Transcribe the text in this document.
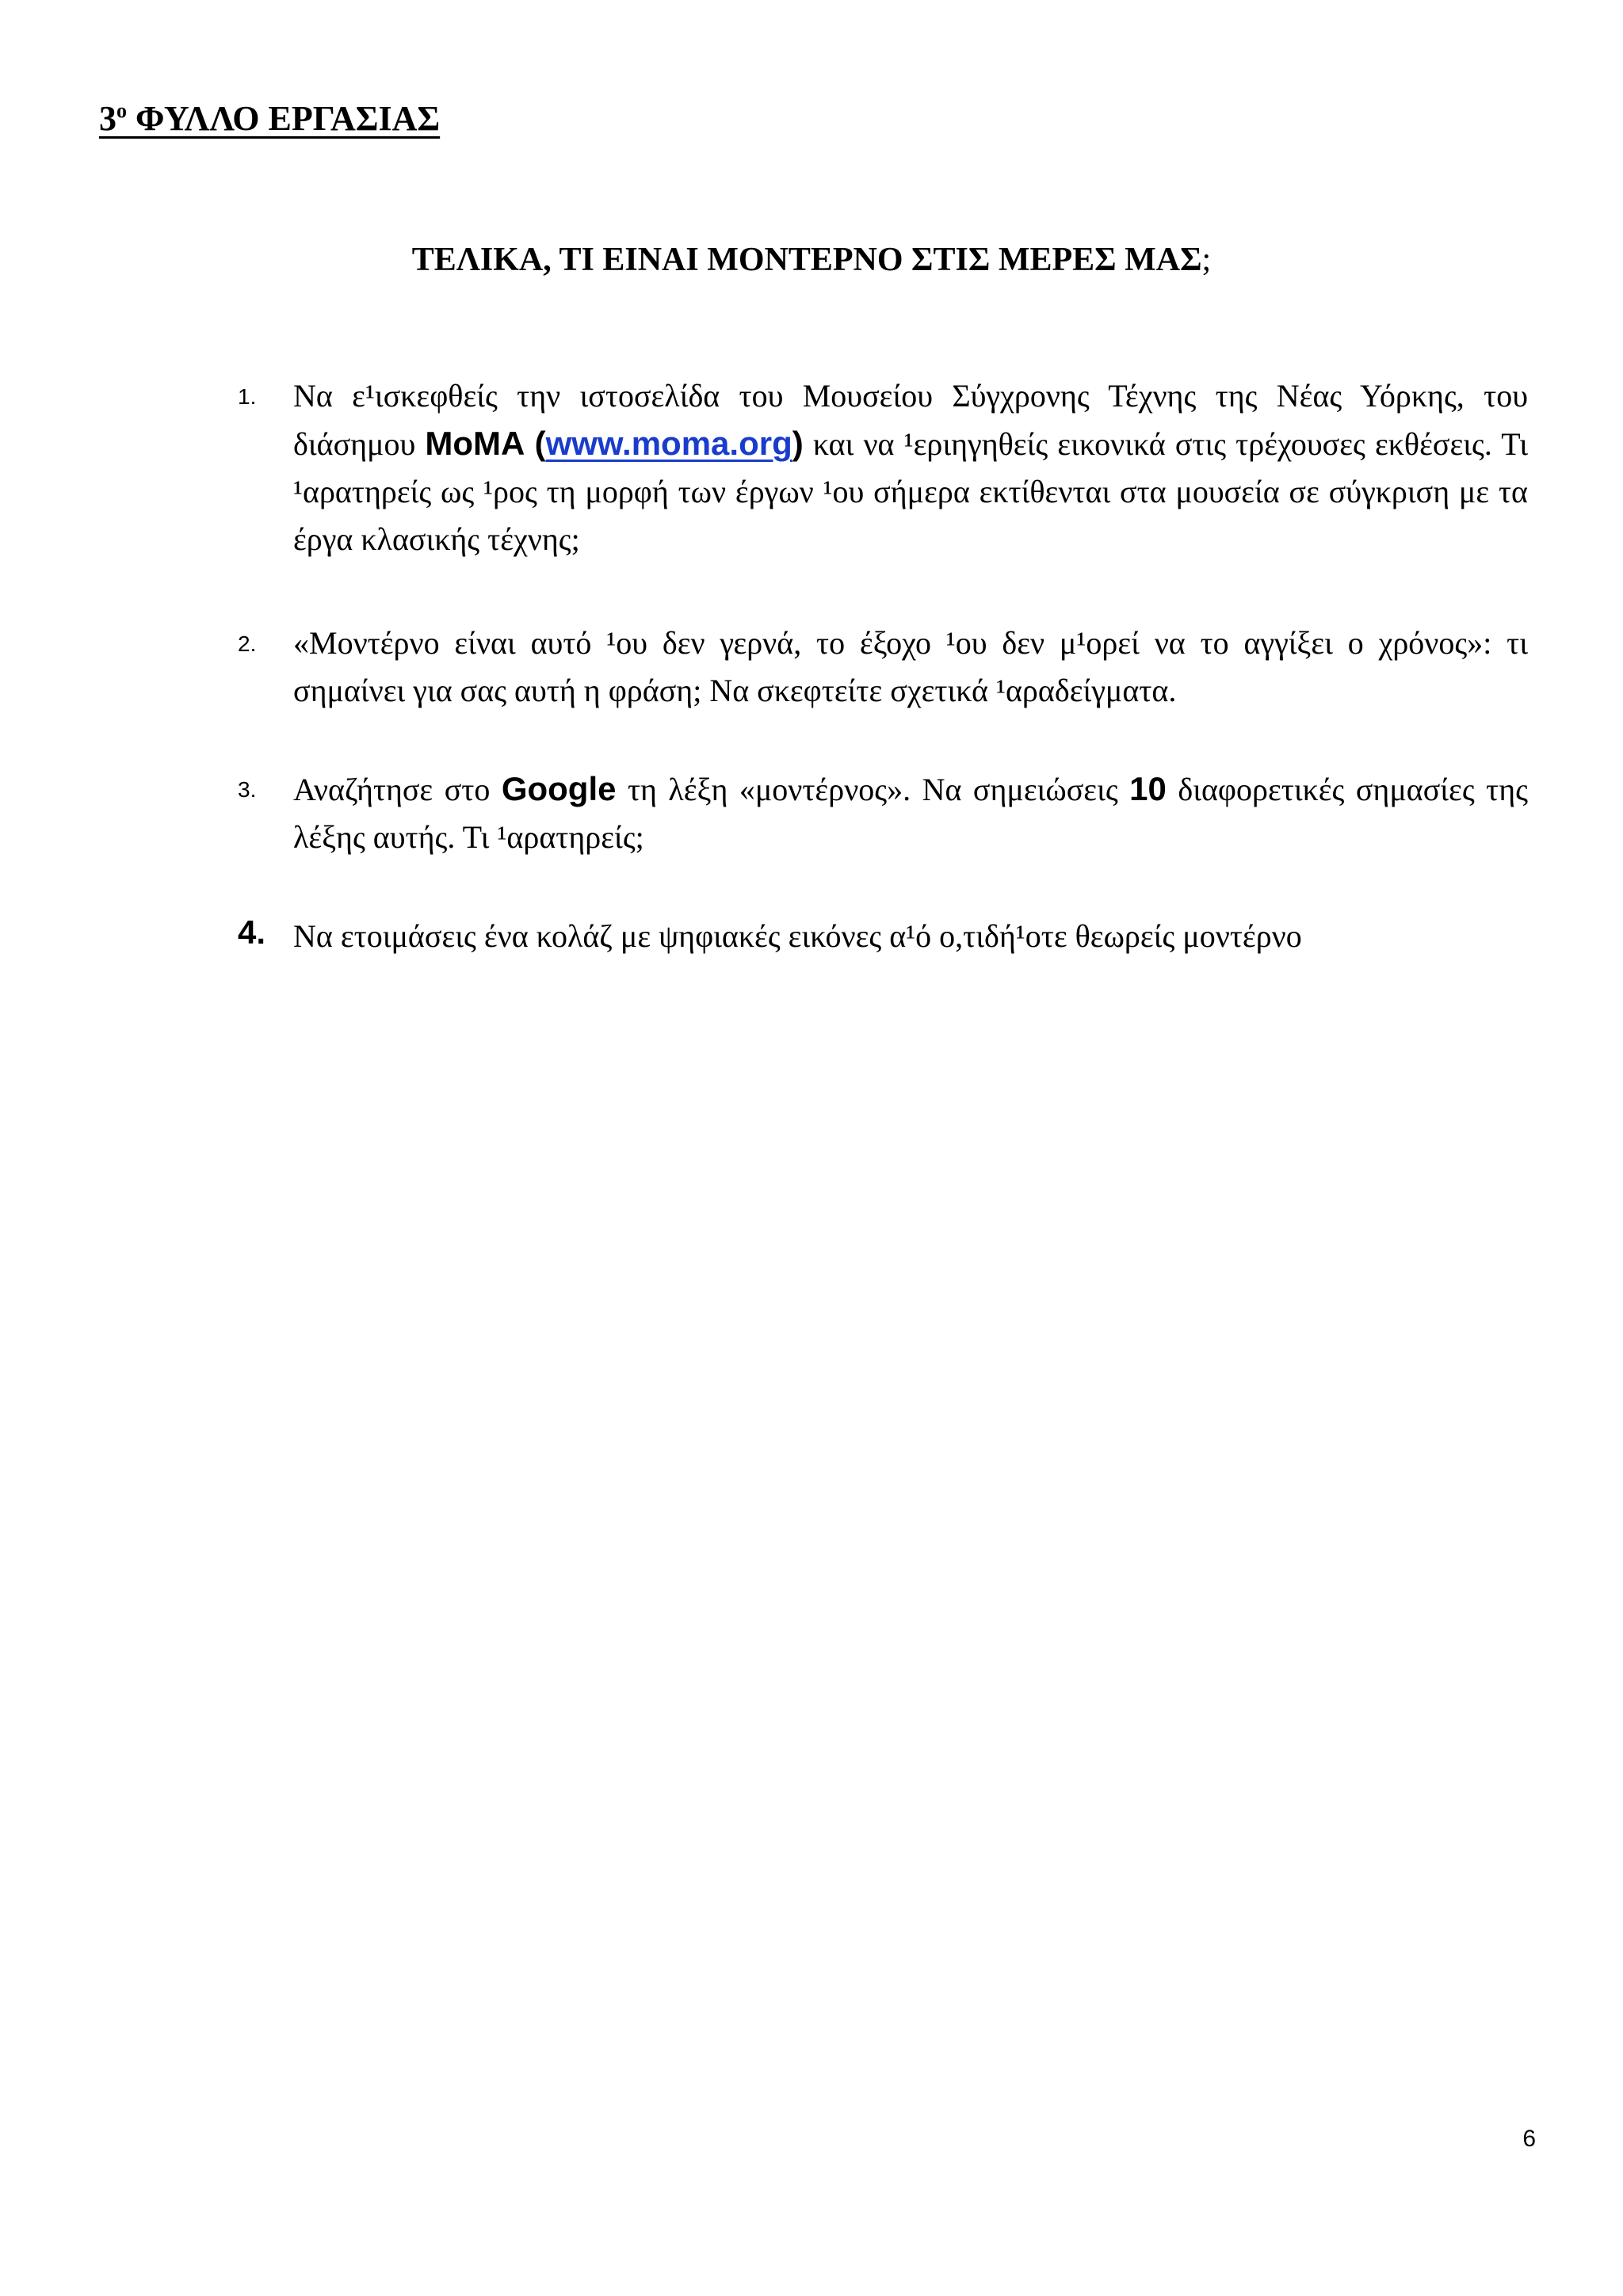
$3^o$ ΦΥΛΛΟ ΕΡΓΑΣΙΑΣ
ΤΕΛΙΚΑ, ΤΙ ΕΙΝΑΙ ΜΟΝΤΕΡΝΟ ΣΤΙΣ ΜΕΡΕΣ ΜΑΣ;
1. Να ε¹ισκεφθείς την ιστοσελίδα του Μουσείου Σύγχρονης Τέχνης της Νέας Υόρκης, του διάσημου MoMA (www.moma.org) και να ¹εριηγηθείς εικονικά στις τρέχουσες εκθέσεις. Τι ¹αρατηρείς ως ¹ρος τη μορφή των έργων ¹ου σήμερα εκτίθενται στα μουσεία σε σύγκριση με τα έργα κλασικής τέχνης;
2. «Μοντέρνο είναι αυτό ¹ου δεν γερνά, το έξοχο ¹ου δεν μ¹ορεί να το αγγίξει ο χρόνος»: τι σημαίνει για σας αυτή η φράση; Να σκεφτείτε σχετικά ¹αραδείγματα.
3. Αναζήτησε στο Google τη λέξη «μοντέρνος». Να σημειώσεις 10 διαφορετικές σημασίες της λέξης αυτής. Τι ¹αρατηρείς;
4. Να ετοιμάσεις ένα κολάζ με ψηφιακές εικόνες α¹ό ο,τιδή¹οτε θεωρείς μοντέρνο
6
